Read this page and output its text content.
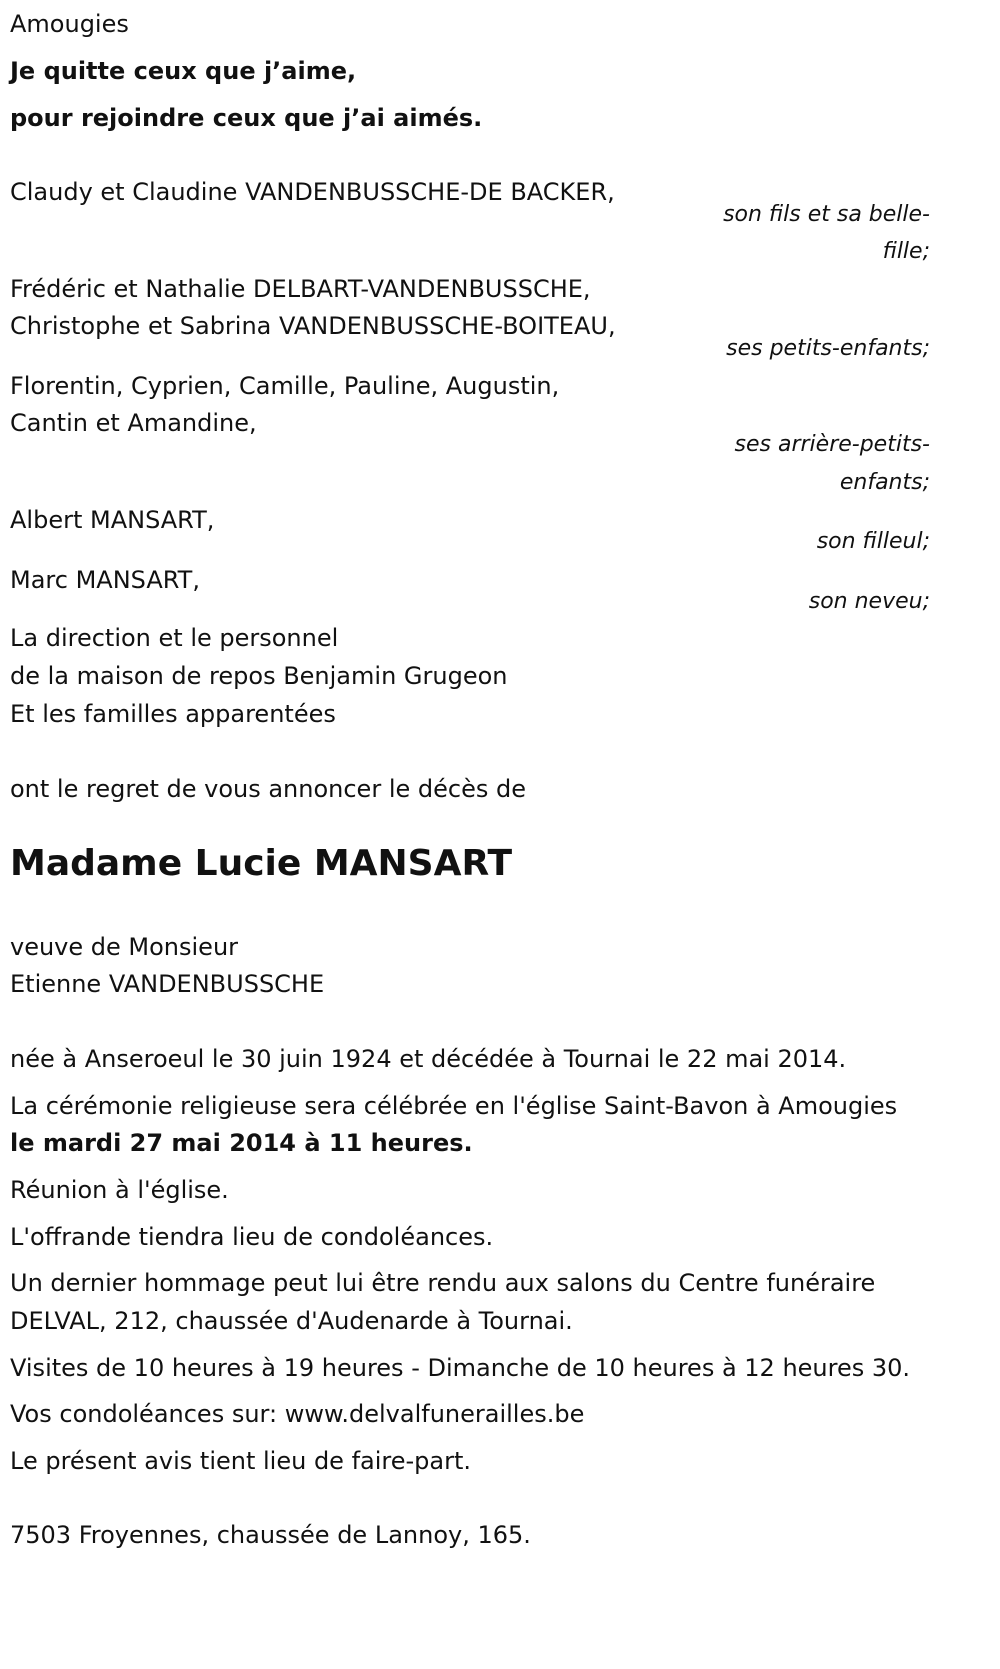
Amougies

Je quitte ceux que j’aime,

pour rejoindre ceux que j’ai aimés.

Claudy et Claudine VANDENBUSSCHE-DE BACKER,

son fils et sa belle-

fille;

Frédéric et Nathalie DELBART-VANDENBUSSCHE,

Christophe et Sabrina VANDENBUSSCHE-BOITEAU,

ses petits-enfants;

Florentin, Cyprien, Camille, Pauline, Augustin,

Cantin et Amandine,

ses arrière-petits-

enfants;

Albert MANSART,

son filleul;

Marc MANSART,

son neveu;

La direction et le personnel

de la maison de repos Benjamin Grugeon

Et les familles apparentées

ont le regret de vous annoncer le décès de

Madame Lucie MANSART

veuve de Monsieur

Etienne VANDENBUSSCHE

née à Anseroeul le 30 juin 1924 et décédée à Tournai le 22 mai 2014.

La cérémonie religieuse sera célébrée en l'église Saint-Bavon à Amougies

le mardi 27 mai 2014 à 11 heures.

Réunion à l'église.

L'offrande tiendra lieu de condoléances.

Un dernier hommage peut lui être rendu aux salons du Centre funéraire

DELVAL, 212, chaussée d'Audenarde à Tournai.

Visites de 10 heures à 19 heures - Dimanche de 10 heures à 12 heures 30.

Vos condoléances sur: www.delvalfunerailles.be

Le présent avis tient lieu de faire-part.

7503 Froyennes, chaussée de Lannoy, 165.
